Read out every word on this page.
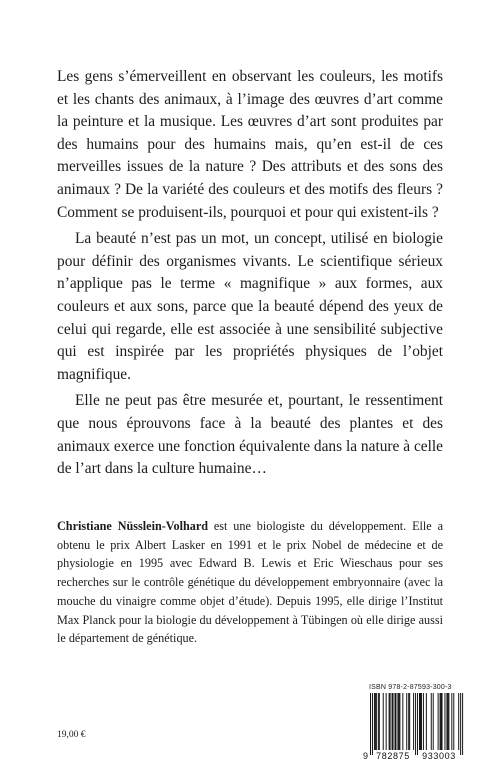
Les gens s’émerveillent en observant les couleurs, les motifs et les chants des animaux, à l’image des œuvres d’art comme la peinture et la musique. Les œuvres d’art sont produites par des humains pour des humains mais, qu’en est-il de ces merveilles issues de la nature ? Des attributs et des sons des animaux ? De la variété des couleurs et des motifs des fleurs ? Comment se produisent-ils, pourquoi et pour qui existent-ils ?

La beauté n’est pas un mot, un concept, utilisé en biologie pour définir des organismes vivants. Le scientifique sérieux n’applique pas le terme « magnifique » aux formes, aux couleurs et aux sons, parce que la beauté dépend des yeux de celui qui regarde, elle est associée à une sensibilité subjective qui est inspirée par les propriétés physiques de l’objet magnifique.

Elle ne peut pas être mesurée et, pourtant, le ressentiment que nous éprouvons face à la beauté des plantes et des animaux exerce une fonction équivalente dans la nature à celle de l’art dans la culture humaine…

Christiane Nüsslein-Volhard est une biologiste du développement. Elle a obtenu le prix Albert Lasker en 1991 et le prix Nobel de médecine et de physiologie en 1995 avec Edward B. Lewis et Eric Wieschaus pour ses recherches sur le contrôle génétique du développement embryonnaire (avec la mouche du vinaigre comme objet d’étude). Depuis 1995, elle dirige l’Institut Max Planck pour la biologie du développement à Tübingen où elle dirige aussi le département de génétique.

ISBN 978-2-87593-300-3
9 782875 933003
19,00 €
